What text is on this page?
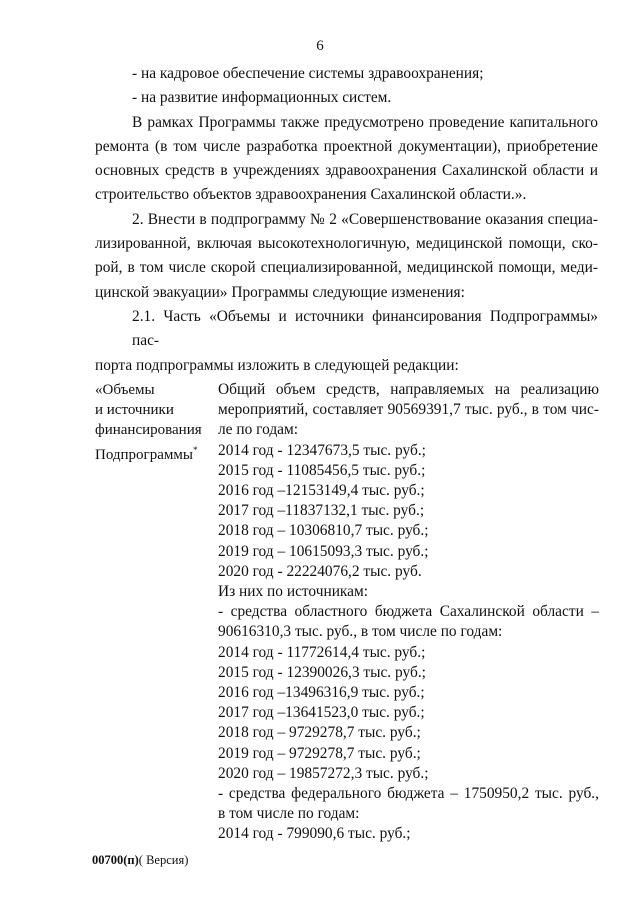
6
- на кадровое обеспечение системы здравоохранения;
- на развитие информационных систем.
В рамках Программы также предусмотрено проведение капитального
ремонта (в том числе разработка проектной документации), приобретение
основных средств в учреждениях здравоохранения Сахалинской области и
строительство объектов здравоохранения Сахалинской области.».
2. Внести в подпрограмму № 2 «Совершенствование оказания специа-
лизированной, включая высокотехнологичную, медицинской помощи, ско-
рой, в том числе скорой специализированной, медицинской помощи, меди-
цинской эвакуации» Программы следующие изменения:
2.1. Часть «Объемы и источники финансирования Подпрограммы» пас-
порта подпрограммы изложить в следующей редакции:
«Объемы
и источники
финансирования
Подпрограммы*
Общий объем средств, направляемых на реализацию
мероприятий, составляет 90569391,7 тыс. руб., в том чис-
ле по годам:
2014 год - 12347673,5 тыс. руб.;
2015 год - 11085456,5 тыс. руб.;
2016 год –12153149,4 тыс. руб.;
2017 год –11837132,1 тыс. руб.;
2018 год – 10306810,7 тыс. руб.;
2019 год – 10615093,3 тыс. руб.;
2020 год - 22224076,2 тыс. руб.
Из них по источникам:
- средства областного бюджета Сахалинской области –
90616310,3 тыс. руб., в том числе по годам:
2014 год - 11772614,4 тыс. руб.;
2015 год - 12390026,3 тыс. руб.;
2016 год –13496316,9 тыс. руб.;
2017 год –13641523,0 тыс. руб.;
2018 год – 9729278,7 тыс. руб.;
2019 год – 9729278,7 тыс. руб.;
2020 год – 19857272,3 тыс. руб.;
- средства федерального бюджета – 1750950,2 тыс. руб.,
в том числе по годам:
2014 год - 799090,6 тыс. руб.;
00700(п)( Версия)
